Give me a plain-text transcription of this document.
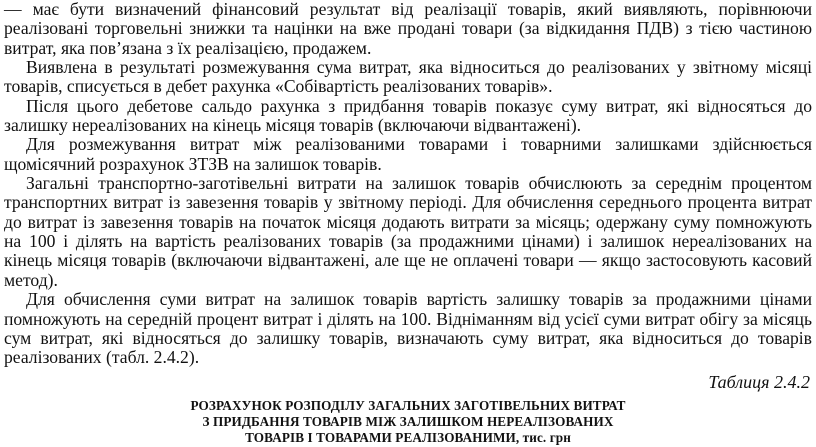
— має бути визначений фінансовий результат від реалізації товарів, який виявляють, порівнюючи реалізовані торговельні знижки та націнки на вже продані товари (за відкидання ПДВ) з тією частиною витрат, яка пов’язана з їх реалізацією, продажем.

Виявлена в результаті розмежування сума витрат, яка відноситься до реалізованих у звітному місяці товарів, списується в дебет рахунка «Собівартість реалізованих товарів».

Після цього дебетове сальдо рахунка з придбання товарів показує суму витрат, які відносяться до залишку нереалізованих на кінець місяця товарів (включаючи відвантажені).

Для розмежування витрат між реалізованими товарами і товарними залишками здійснюється щомісячний розрахунок ЗТЗВ на залишок товарів.

Загальні транспортно-заготівельні витрати на залишок товарів обчислюють за середнім процентом транспортних витрат із завезення товарів у звітному періоді. Для обчислення середнього процента витрат до витрат із завезення товарів на початок місяця додають витрати за місяць; одержану суму помножують на 100 і ділять на вартість реалізованих товарів (за продажними цінами) і залишок нереалізованих на кінець місяця товарів (включаючи відвантажені, але ще не оплачені товари — якщо застосовують касовий метод).

Для обчислення суми витрат на залишок товарів вартість залишку товарів за продажними цінами помножують на середній процент витрат і ділять на 100. Відніманням від усієї суми витрат обігу за місяць сум витрат, які відносяться до залишку товарів, визначають суму витрат, яка відноситься до товарів реалізованих (табл. 2.4.2).

Таблиця 2.4.2
РОЗРАХУНОК РОЗПОДІЛУ ЗАГАЛЬНИХ ЗАГОТІВЕЛЬНИХ ВИТРАТ
З ПРИДБАННЯ ТОВАРІВ МІЖ ЗАЛИШКОМ НЕРЕАЛІЗОВАНИХ
ТОВАРІВ І ТОВАРАМИ РЕАЛІЗОВАНИМИ, тис. грн
